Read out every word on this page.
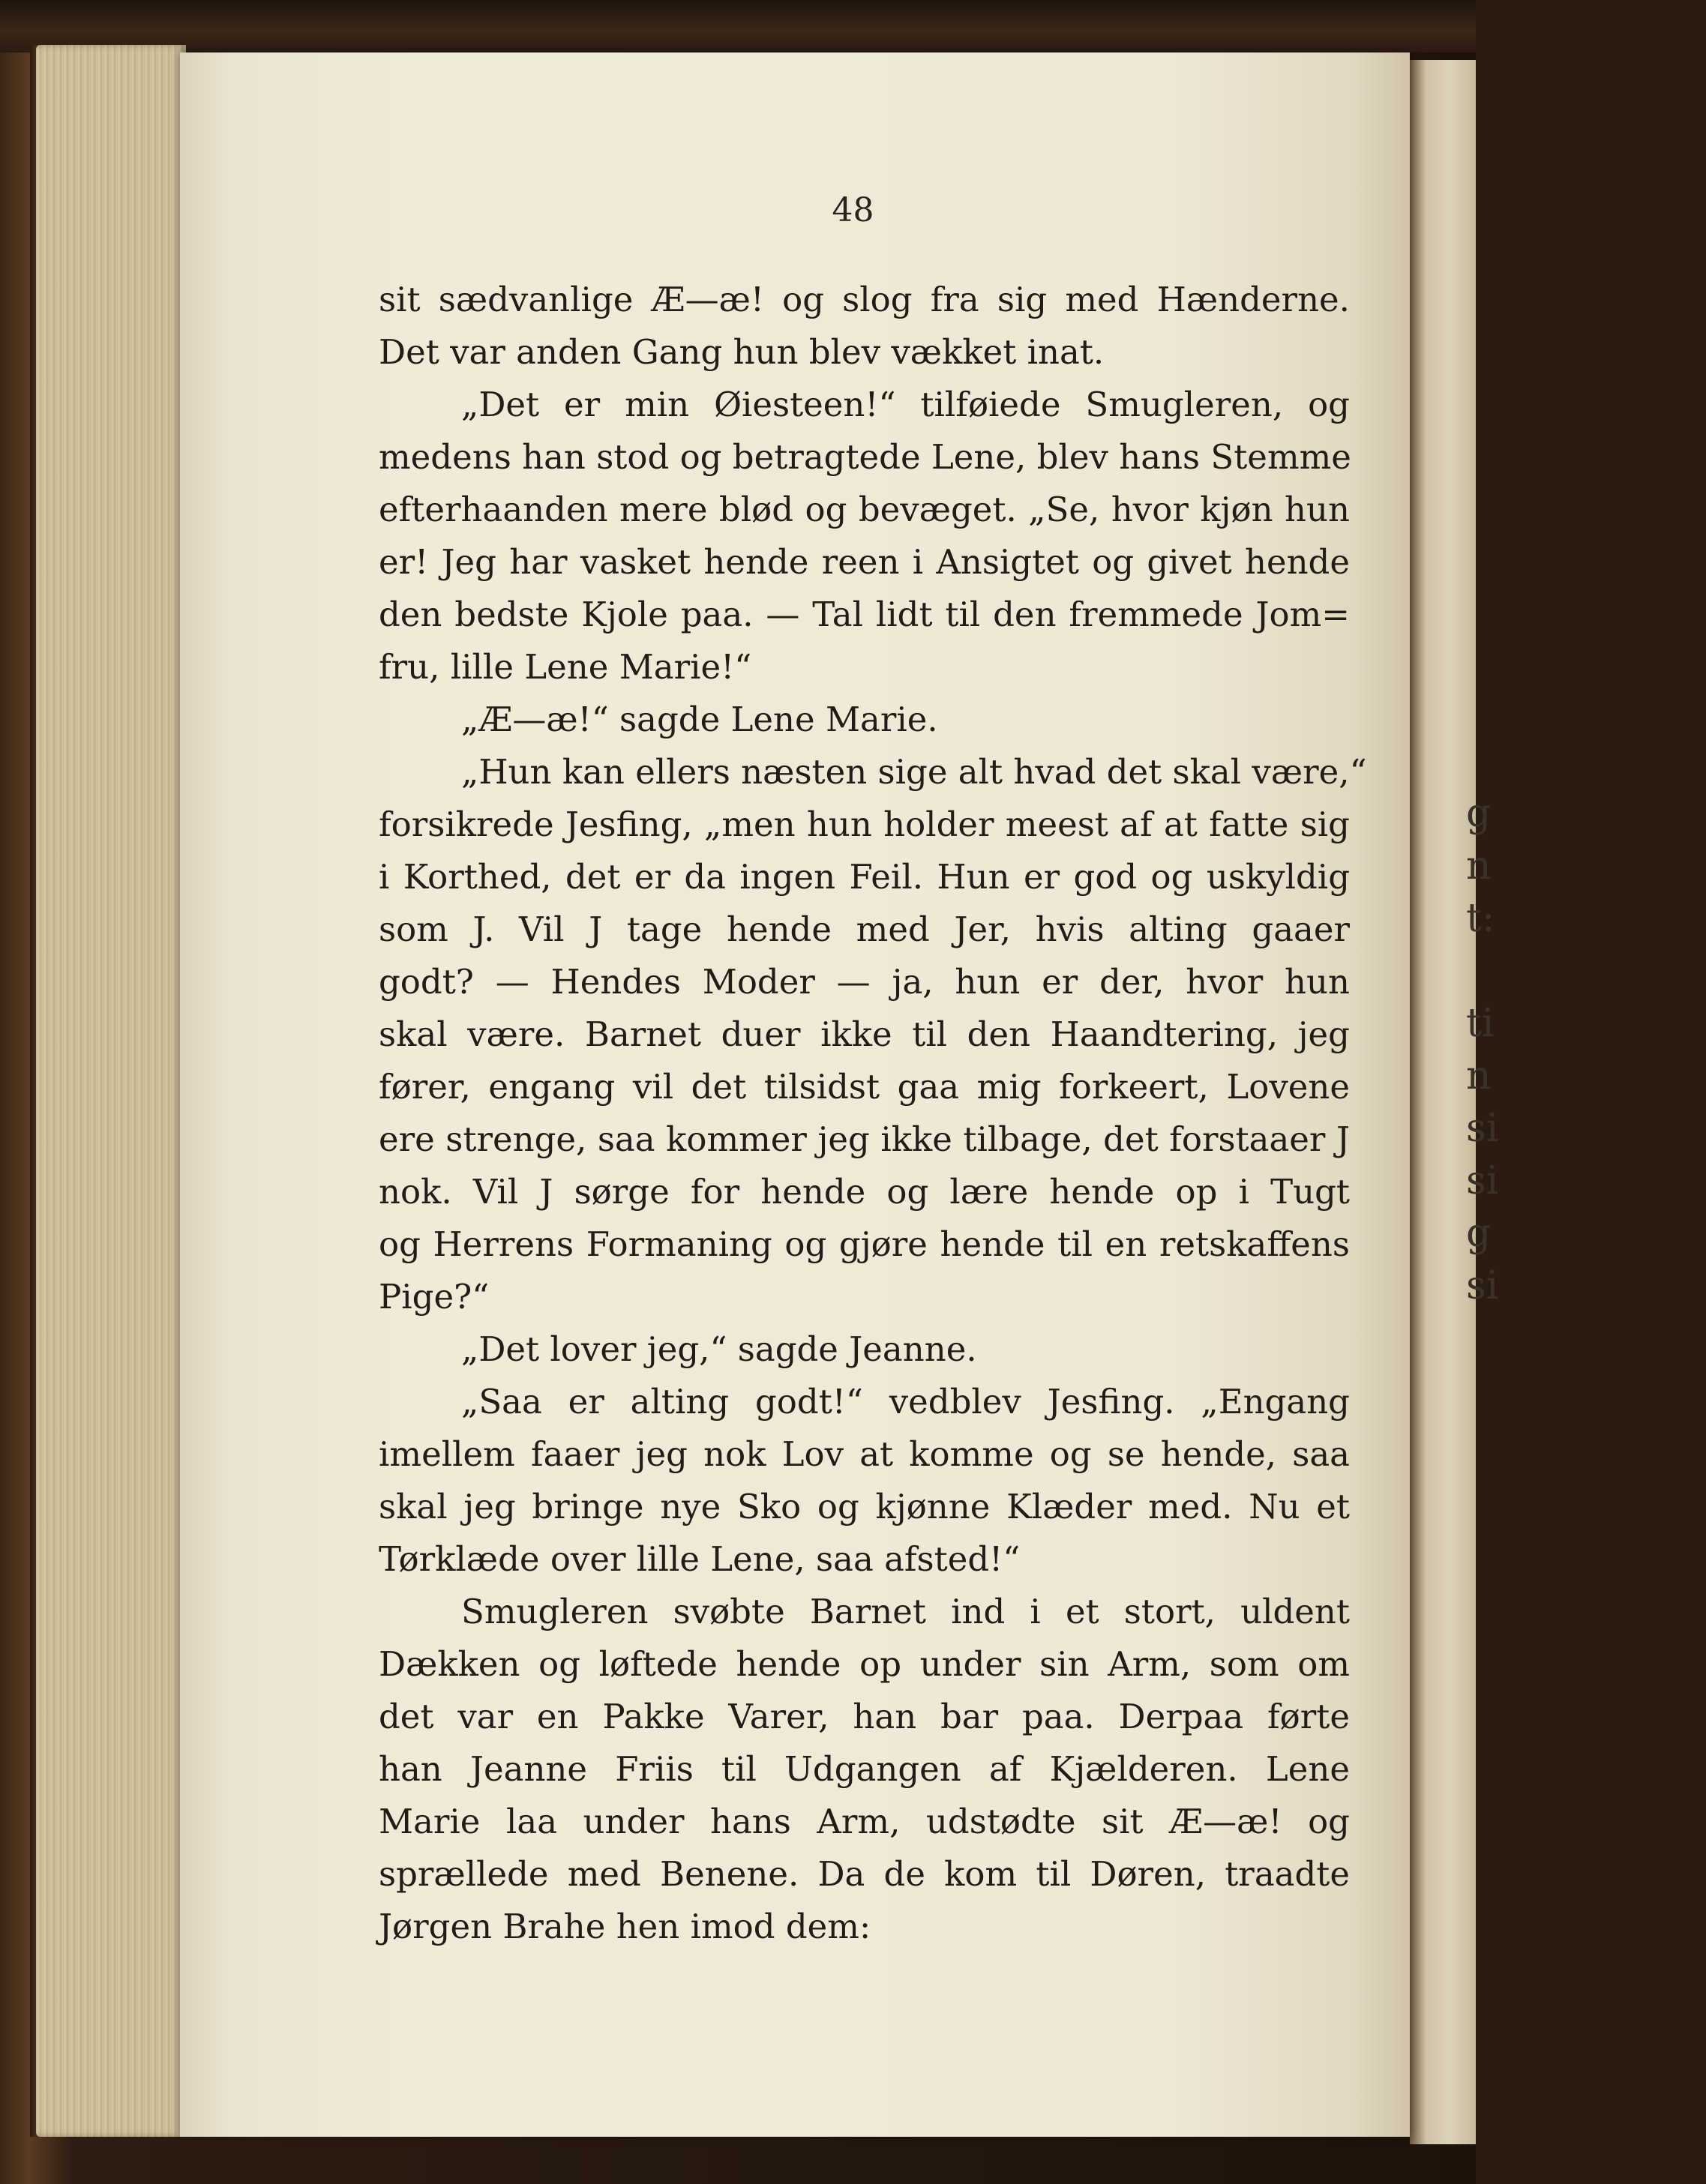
g
n
t:

ti
n
si
si
g
si
48
sit sædvanlige Æ—æ! og slog fra sig med Hænderne.
Det var anden Gang hun blev vækket inat.
„Det er min Øiesteen!“ tilføiede Smugleren, og
medens han stod og betragtede Lene, blev hans Stemme
efterhaanden mere blød og bevæget. „Se, hvor kjøn hun
er! Jeg har vasket hende reen i Ansigtet og givet hende
den bedste Kjole paa. — Tal lidt til den fremmede Jom=
fru, lille Lene Marie!“
„Æ—æ!“ sagde Lene Marie.
„Hun kan ellers næsten sige alt hvad det skal være,“
forsikrede Jesfing, „men hun holder meest af at fatte sig
i Korthed, det er da ingen Feil. Hun er god og uskyldig
som J. Vil J tage hende med Jer, hvis alting gaaer
godt? — Hendes Moder — ja, hun er der, hvor hun
skal være. Barnet duer ikke til den Haandtering, jeg
fører, engang vil det tilsidst gaa mig forkeert, Lovene
ere strenge, saa kommer jeg ikke tilbage, det forstaaer J
nok. Vil J sørge for hende og lære hende op i Tugt
og Herrens Formaning og gjøre hende til en retskaffens
Pige?“
„Det lover jeg,“ sagde Jeanne.
„Saa er alting godt!“ vedblev Jesfing. „Engang
imellem faaer jeg nok Lov at komme og se hende, saa
skal jeg bringe nye Sko og kjønne Klæder med. Nu et
Tørklæde over lille Lene, saa afsted!“
Smugleren svøbte Barnet ind i et stort, uldent
Dækken og løftede hende op under sin Arm, som om
det var en Pakke Varer, han bar paa. Derpaa førte
han Jeanne Friis til Udgangen af Kjælderen. Lene
Marie laa under hans Arm, udstødte sit Æ—æ! og
sprællede med Benene. Da de kom til Døren, traadte
Jørgen Brahe hen imod dem:
